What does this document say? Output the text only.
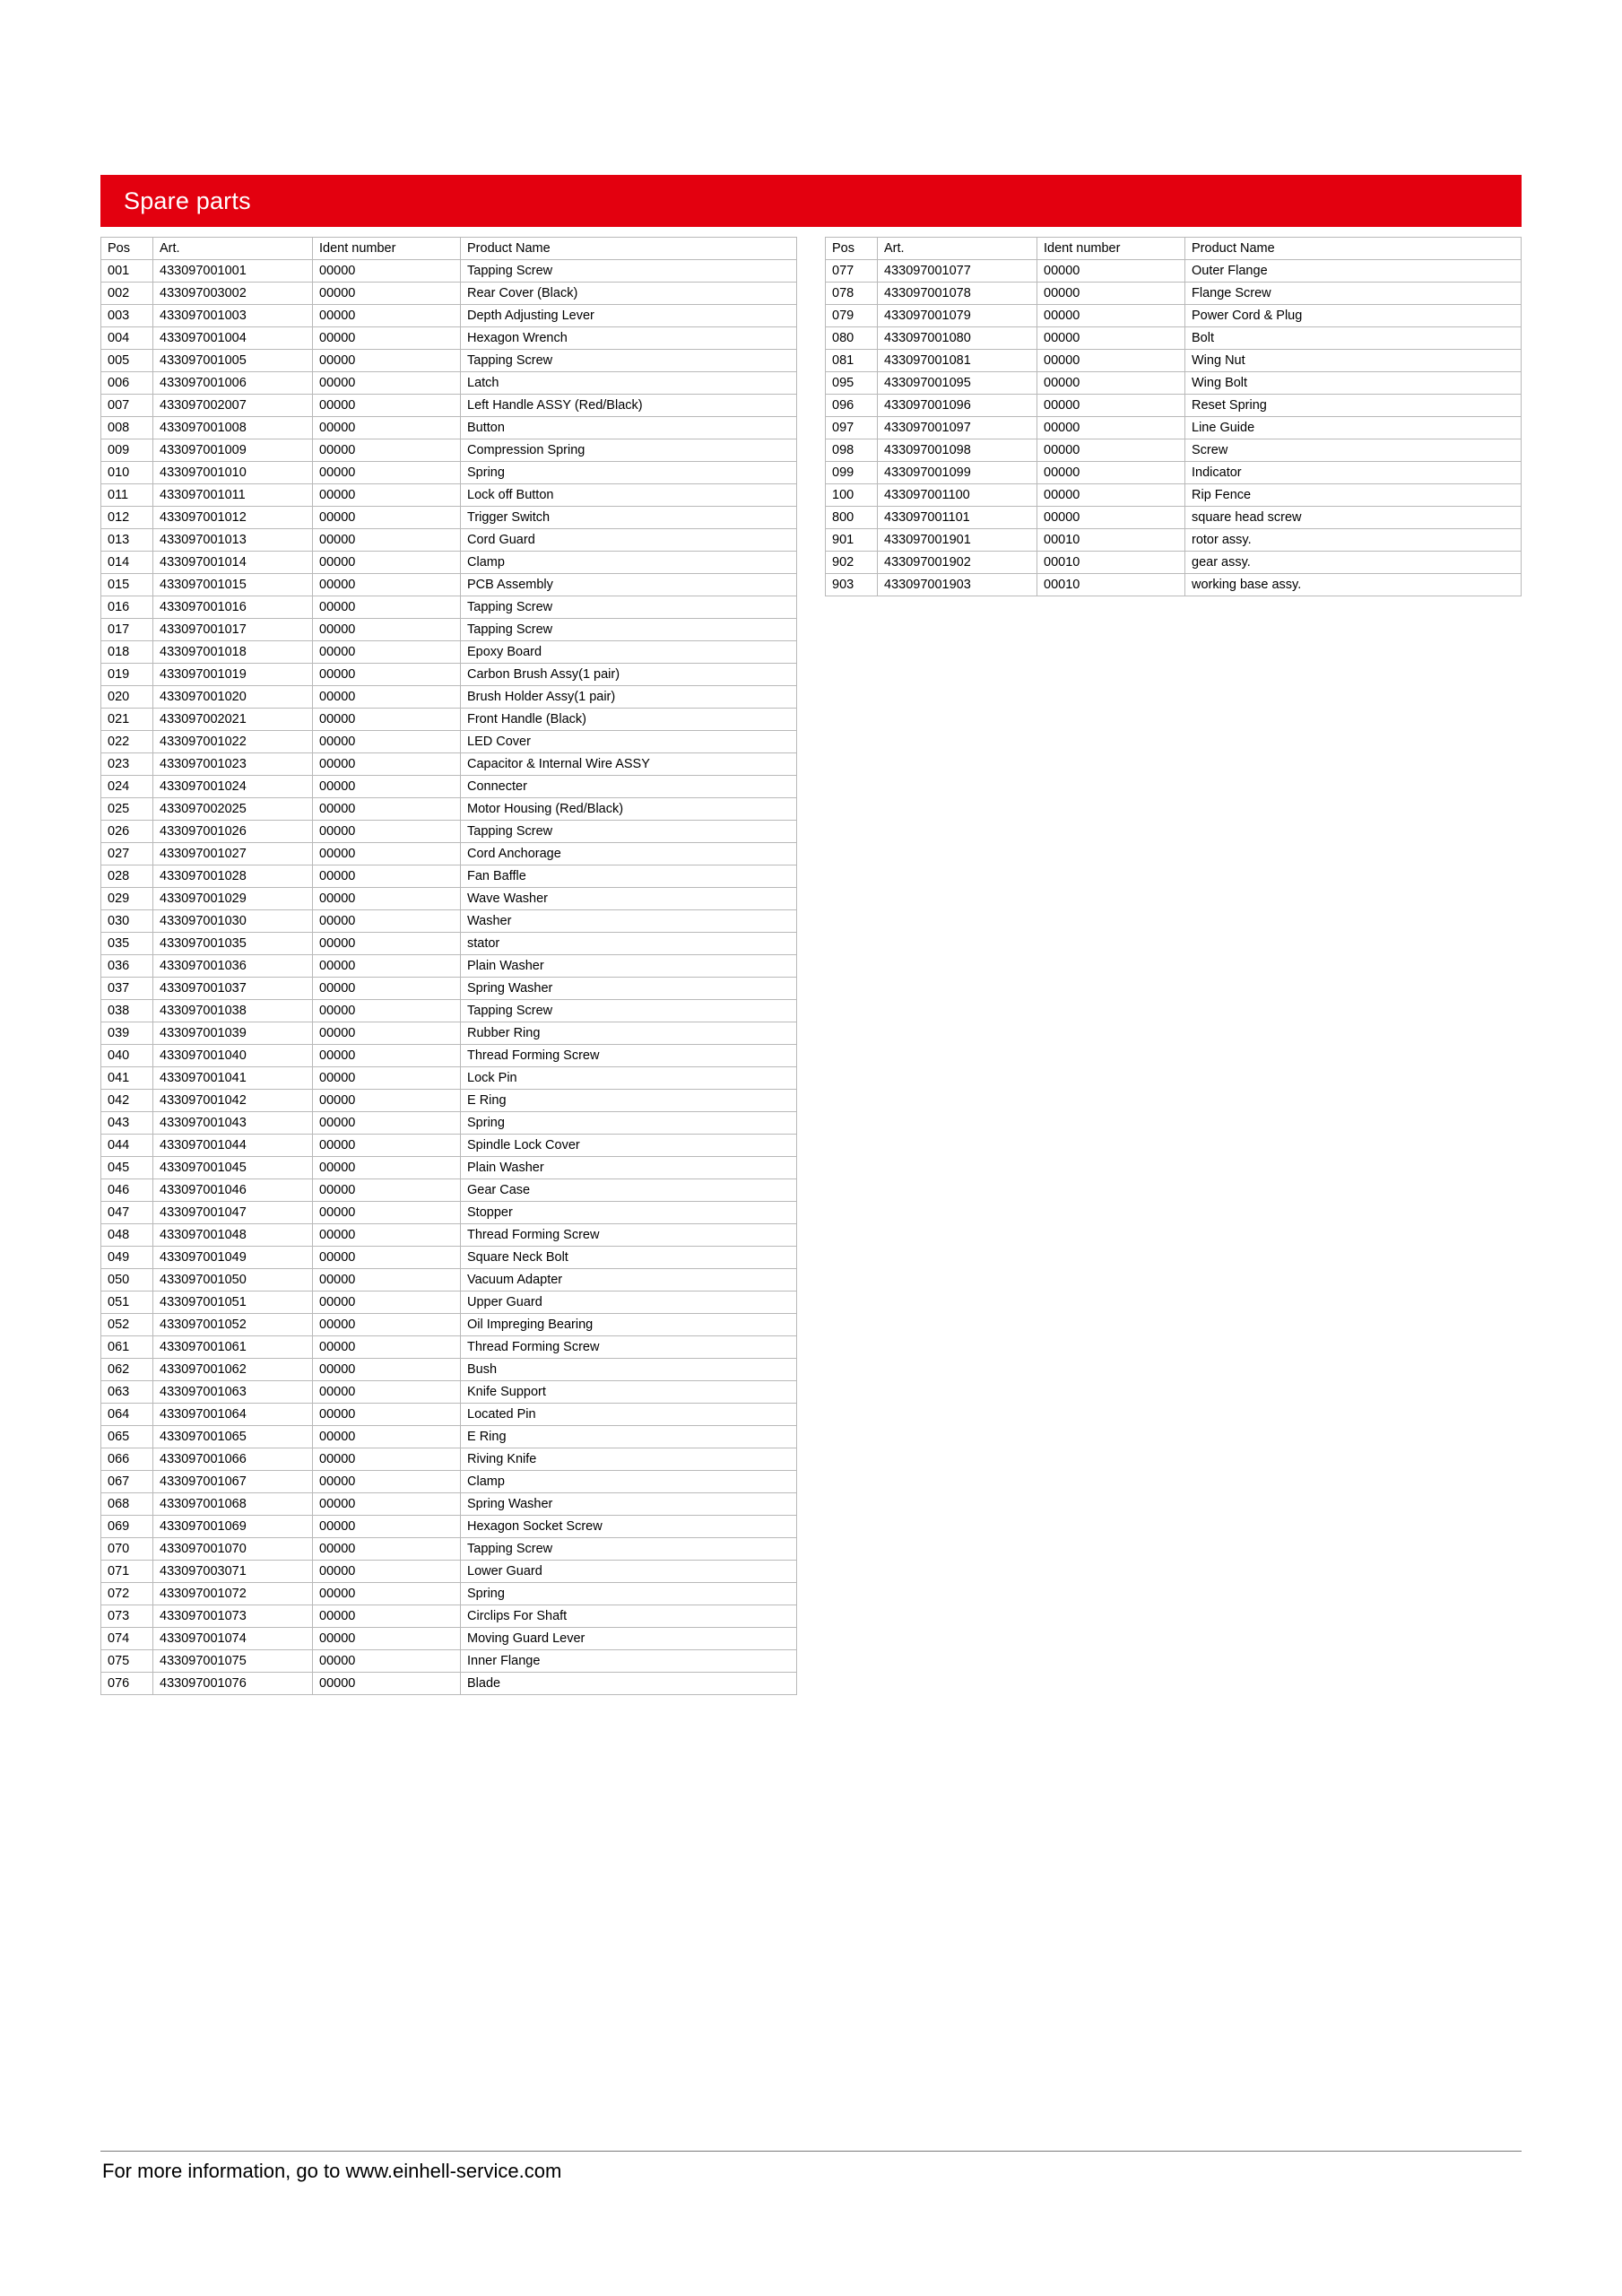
Spare parts
Pos	Art.	Ident number	Product Name
001	433097001001	00000	Tapping Screw
002	433097003002	00000	Rear Cover (Black)
003	433097001003	00000	Depth Adjusting Lever
004	433097001004	00000	Hexagon Wrench
005	433097001005	00000	Tapping Screw
006	433097001006	00000	Latch
007	433097002007	00000	Left Handle ASSY (Red/Black)
008	433097001008	00000	Button
009	433097001009	00000	Compression Spring
010	433097001010	00000	Spring
011	433097001011	00000	Lock off Button
012	433097001012	00000	Trigger Switch
013	433097001013	00000	Cord Guard
014	433097001014	00000	Clamp
015	433097001015	00000	PCB Assembly
016	433097001016	00000	Tapping Screw
017	433097001017	00000	Tapping Screw
018	433097001018	00000	Epoxy Board
019	433097001019	00000	Carbon Brush Assy(1 pair)
020	433097001020	00000	Brush Holder Assy(1 pair)
021	433097002021	00000	Front Handle (Black)
022	433097001022	00000	LED Cover
023	433097001023	00000	Capacitor & Internal Wire ASSY
024	433097001024	00000	Connecter
025	433097002025	00000	Motor Housing (Red/Black)
026	433097001026	00000	Tapping Screw
027	433097001027	00000	Cord Anchorage
028	433097001028	00000	Fan Baffle
029	433097001029	00000	Wave Washer
030	433097001030	00000	Washer
035	433097001035	00000	stator
036	433097001036	00000	Plain Washer
037	433097001037	00000	Spring Washer
038	433097001038	00000	Tapping Screw
039	433097001039	00000	Rubber Ring
040	433097001040	00000	Thread Forming Screw
041	433097001041	00000	Lock Pin
042	433097001042	00000	E Ring
043	433097001043	00000	Spring
044	433097001044	00000	Spindle Lock Cover
045	433097001045	00000	Plain Washer
046	433097001046	00000	Gear Case
047	433097001047	00000	Stopper
048	433097001048	00000	Thread Forming Screw
049	433097001049	00000	Square Neck Bolt
050	433097001050	00000	Vacuum Adapter
051	433097001051	00000	Upper Guard
052	433097001052	00000	Oil Impreging Bearing
061	433097001061	00000	Thread Forming Screw
062	433097001062	00000	Bush
063	433097001063	00000	Knife Support
064	433097001064	00000	Located Pin
065	433097001065	00000	E Ring
066	433097001066	00000	Riving Knife
067	433097001067	00000	Clamp
068	433097001068	00000	Spring Washer
069	433097001069	00000	Hexagon Socket Screw
070	433097001070	00000	Tapping Screw
071	433097003071	00000	Lower Guard
072	433097001072	00000	Spring
073	433097001073	00000	Circlips For Shaft
074	433097001074	00000	Moving Guard Lever
075	433097001075	00000	Inner Flange
076	433097001076	00000	Blade
Pos	Art.	Ident number	Product Name
077	433097001077	00000	Outer Flange
078	433097001078	00000	Flange Screw
079	433097001079	00000	Power Cord & Plug
080	433097001080	00000	Bolt
081	433097001081	00000	Wing Nut
095	433097001095	00000	Wing Bolt
096	433097001096	00000	Reset Spring
097	433097001097	00000	Line Guide
098	433097001098	00000	Screw
099	433097001099	00000	Indicator
100	433097001100	00000	Rip Fence
800	433097001101	00000	square head screw
901	433097001901	00010	rotor assy.
902	433097001902	00010	gear assy.
903	433097001903	00010	working base assy.
For more information, go to www.einhell-service.com
